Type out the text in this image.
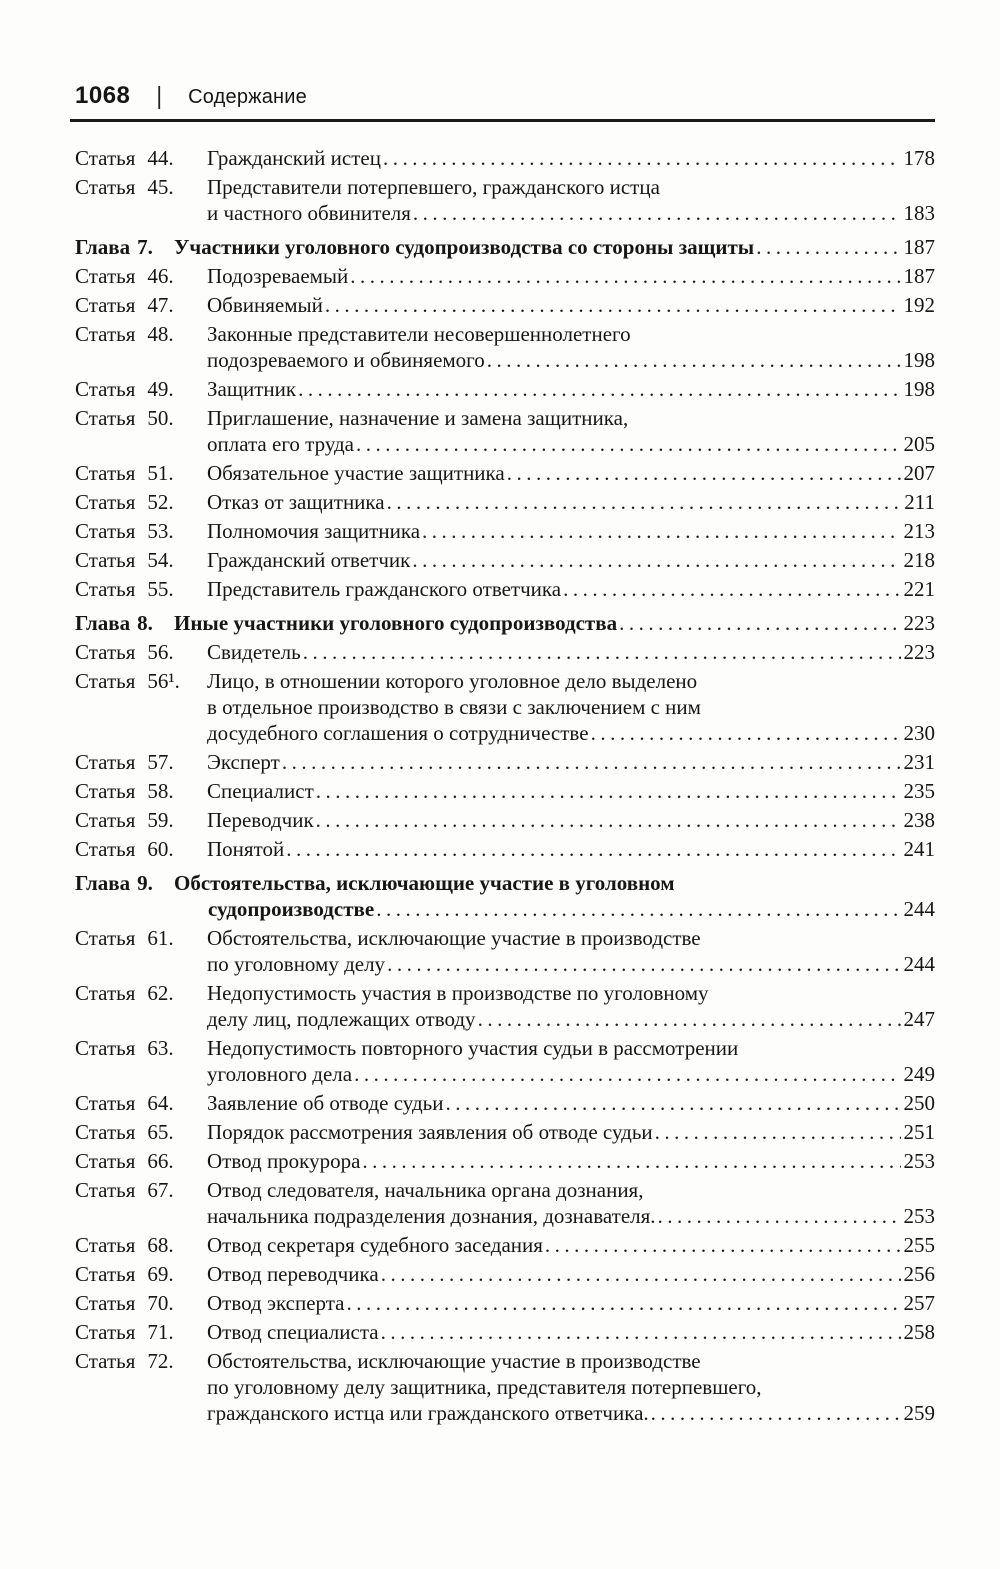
1068 | Содержание
Статья 44.	Гражданский истец .....	178
Статья 45.	Представители потерпевшего, гражданского истца
и частного обвинителя .....	183
Глава 7.	Участники уголовного судопроизводства со стороны защиты .....	187
Статья 46.	Подозреваемый .....	187
Статья 47.	Обвиняемый .....	192
Статья 48.	Законные представители несовершеннолетнего
подозреваемого и обвиняемого .....	198
Статья 49.	Защитник .....	198
Статья 50.	Приглашение, назначение и замена защитника,
оплата его труда .....	205
Статья 51.	Обязательное участие защитника .....	207
Статья 52.	Отказ от защитника .....	211
Статья 53.	Полномочия защитника .....	213
Статья 54.	Гражданский ответчик .....	218
Статья 55.	Представитель гражданского ответчика .....	221
Глава 8.	Иные участники уголовного судопроизводства .....	223
Статья 56.	Свидетель .....	223
Статья 56¹.	Лицо, в отношении которого уголовное дело выделено
в отдельное производство в связи с заключением с ним
досудебного соглашения о сотрудничестве .....	230
Статья 57.	Эксперт .....	231
Статья 58.	Специалист .....	235
Статья 59.	Переводчик .....	238
Статья 60.	Понятой .....	241
Глава 9.	Обстоятельства, исключающие участие в уголовном
судопроизводстве .....	244
Статья 61.	Обстоятельства, исключающие участие в производстве
по уголовному делу .....	244
Статья 62.	Недопустимость участия в производстве по уголовному
делу лиц, подлежащих отводу .....	247
Статья 63.	Недопустимость повторного участия судьи в рассмотрении
уголовного дела .....	249
Статья 64.	Заявление об отводе судьи .....	250
Статья 65.	Порядок рассмотрения заявления об отводе судьи .....	251
Статья 66.	Отвод прокурора .....	253
Статья 67.	Отвод следователя, начальника органа дознания,
начальника подразделения дознания, дознавателя. .....	253
Статья 68.	Отвод секретаря судебного заседания .....	255
Статья 69.	Отвод переводчика .....	256
Статья 70.	Отвод эксперта .....	257
Статья 71.	Отвод специалиста .....	258
Статья 72.	Обстоятельства, исключающие участие в производстве
по уголовному делу защитника, представителя потерпевшего,
гражданского истца или гражданского ответчика. .....	259
